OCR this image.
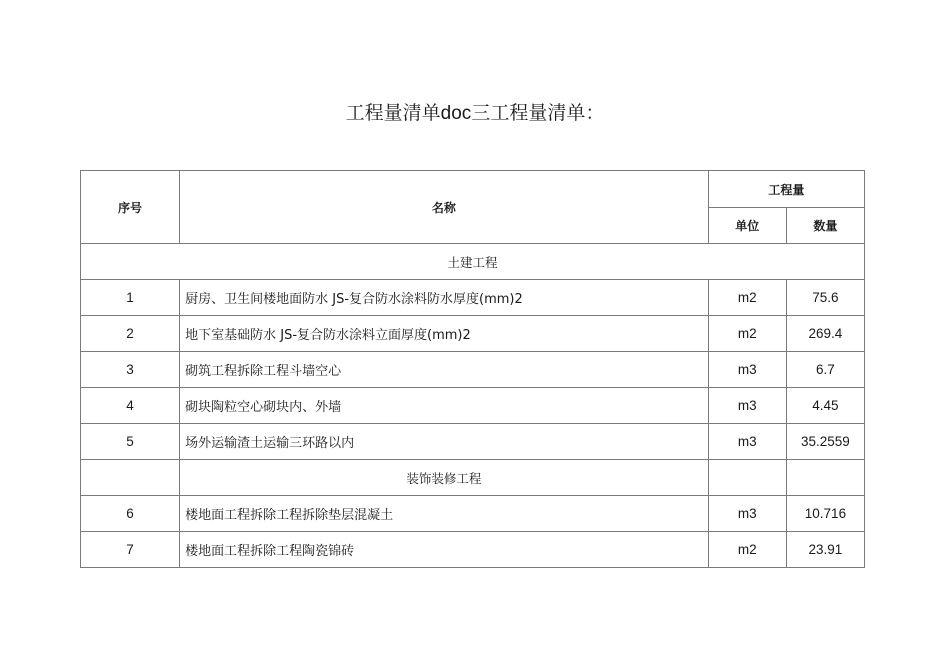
工程量清单doc三工程量清单：
序号	名称	工程量	
		单位	数量
土建工程			
1	厨房、卫生间楼地面防水 JS-复合防水涂料防水厚度(mm)2	m2	75.6
2	地下室基础防水 JS-复合防水涂料立面厚度(mm)2	m2	269.4
3	砌筑工程拆除工程斗墙空心	m3	6.7
4	砌块陶粒空心砌块内、外墙	m3	4.45
5	场外运输渣土运输三环路以内	m3	35.2559
	装饰装修工程		
6	楼地面工程拆除工程拆除垫层混凝土	m3	10.716
7	楼地面工程拆除工程陶瓷锦砖	m2	23.91
